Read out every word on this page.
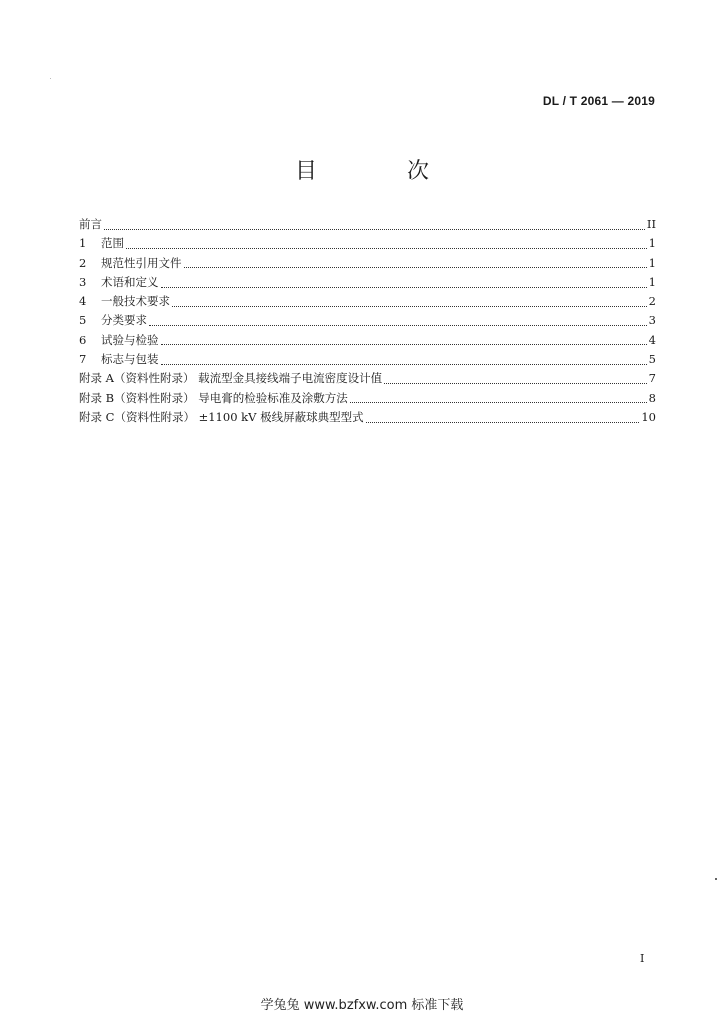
DL / T 2061 — 2019
目　次
前言	II
1	范围	1
2	规范性引用文件	1
3	术语和定义	1
4	一般技术要求	2
5	分类要求	3
6	试验与检验	4
7	标志与包装	5
附录 A（资料性附录） 载流型金具接线端子电流密度设计值	7
附录 B（资料性附录） 导电膏的检验标准及涂敷方法	8
附录 C（资料性附录） ±1100 kV 极线屏蔽球典型型式	10
I
学兔兔 www.bzfxw.com 标准下载
